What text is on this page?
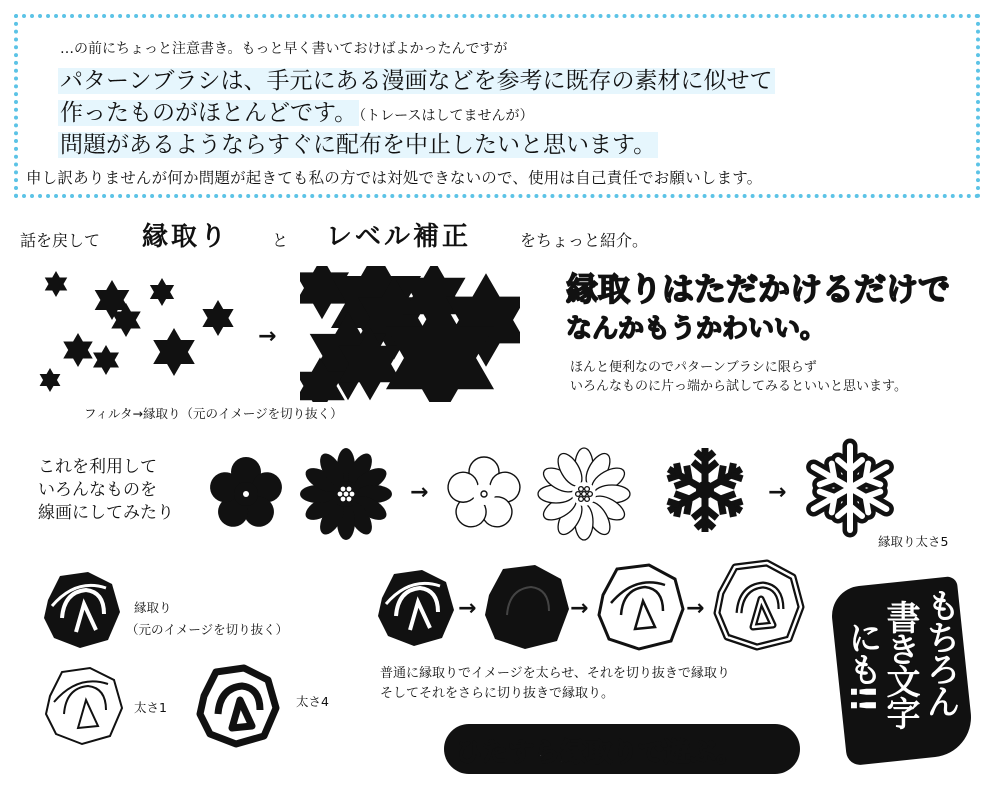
…の前にちょっと注意書き。もっと早く書いておけばよかったんですが
パターンブラシは、手元にある漫画などを参考に既存の素材に似せて
作ったものがほとんどです。 （トレースはしてませんが）
問題があるようならすぐに配布を中止したいと思います。
申し訳ありませんが何か問題が起きても私の方では対処できないので、使用は自己責任でお願いします。
話を戻して 縁取り	と レベル補正	をちょっと紹介。
→
フィルタ→縁取り（元のイメージを切り抜く）
縁取りはただかけるだけで
なんかもうかわいい。
ほんと便利なのでパターンブラシに限らず
いろんなものに片っ端から試してみるといいと思います。
これを利用して
いろんなものを
線画にしてみたり
→	→
縁取り太さ5
縁取り
（元のイメージを切り抜く）
太さ1	太さ4
→	→	→
普通に縁取りでイメージを太らせ、それを切り抜きで縁取り
そしてそれをさらに切り抜きで縁取り。
ひたすら縁取りで遊ぶ。
もちろん
書き文字
にも!!
